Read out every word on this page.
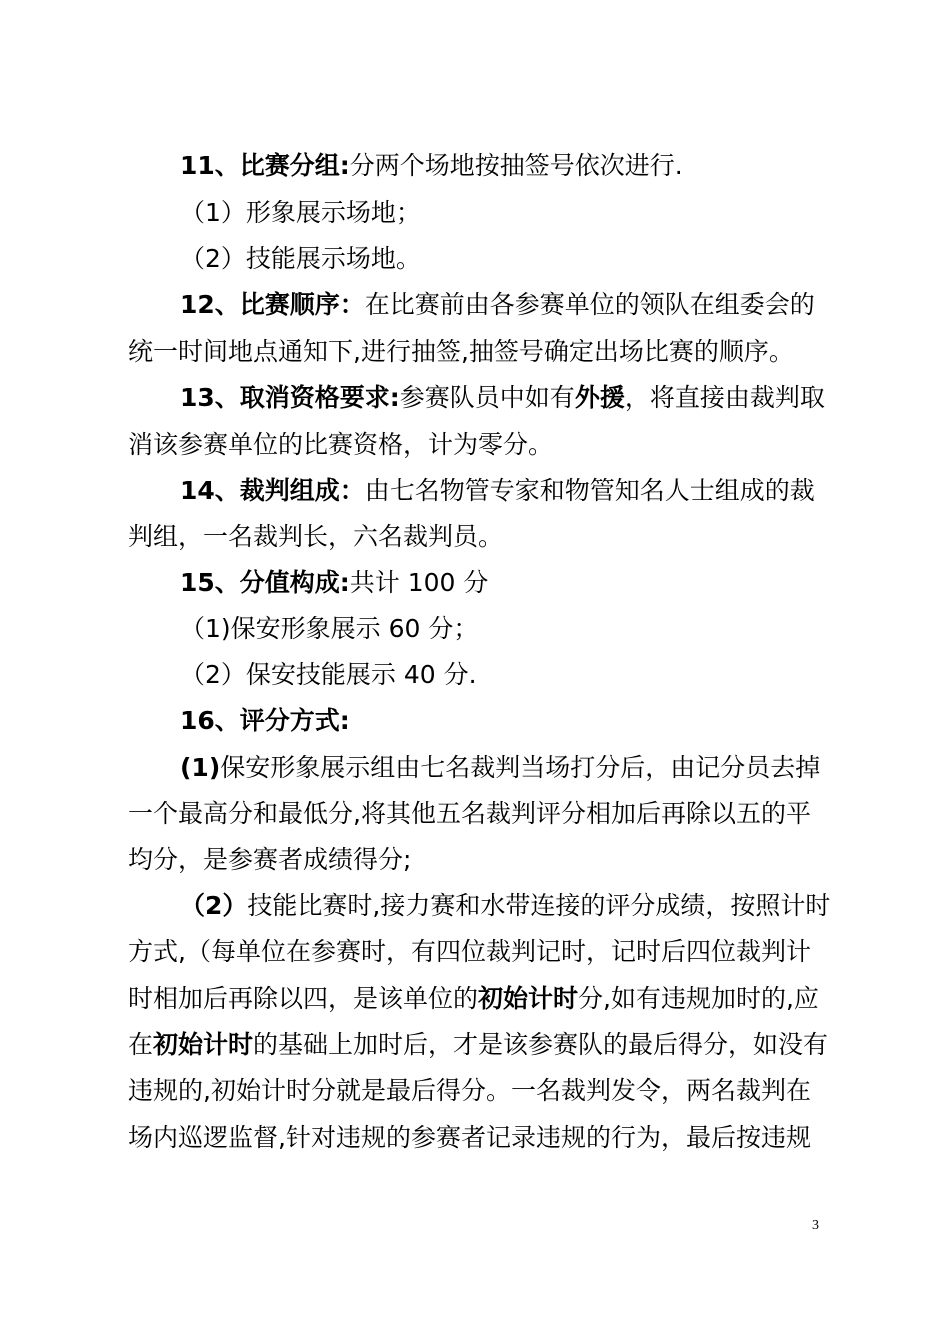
11、比赛分组:分两个场地按抽签号依次进行.
（1）形象展示场地；
（2）技能展示场地。
12、比赛顺序：在比赛前由各参赛单位的领队在组委会的
统一时间地点通知下,进行抽签,抽签号确定出场比赛的顺序。
13、取消资格要求:参赛队员中如有外援，将直接由裁判取
消该参赛单位的比赛资格，计为零分。
14、裁判组成：由七名物管专家和物管知名人士组成的裁
判组，一名裁判长，六名裁判员。
15、分值构成:共计 100 分
（1)保安形象展示 60 分；
（2）保安技能展示 40 分.
16、评分方式:
(1)保安形象展示组由七名裁判当场打分后，由记分员去掉
一个最高分和最低分,将其他五名裁判评分相加后再除以五的平
均分，是参赛者成绩得分;
（2）技能比赛时,接力赛和水带连接的评分成绩，按照计时
方式,（每单位在参赛时，有四位裁判记时，记时后四位裁判计
时相加后再除以四，是该单位的初始计时分,如有违规加时的,应
在初始计时的基础上加时后，才是该参赛队的最后得分，如没有
违规的,初始计时分就是最后得分。一名裁判发令，两名裁判在
场内巡逻监督,针对违规的参赛者记录违规的行为，最后按违规
3
